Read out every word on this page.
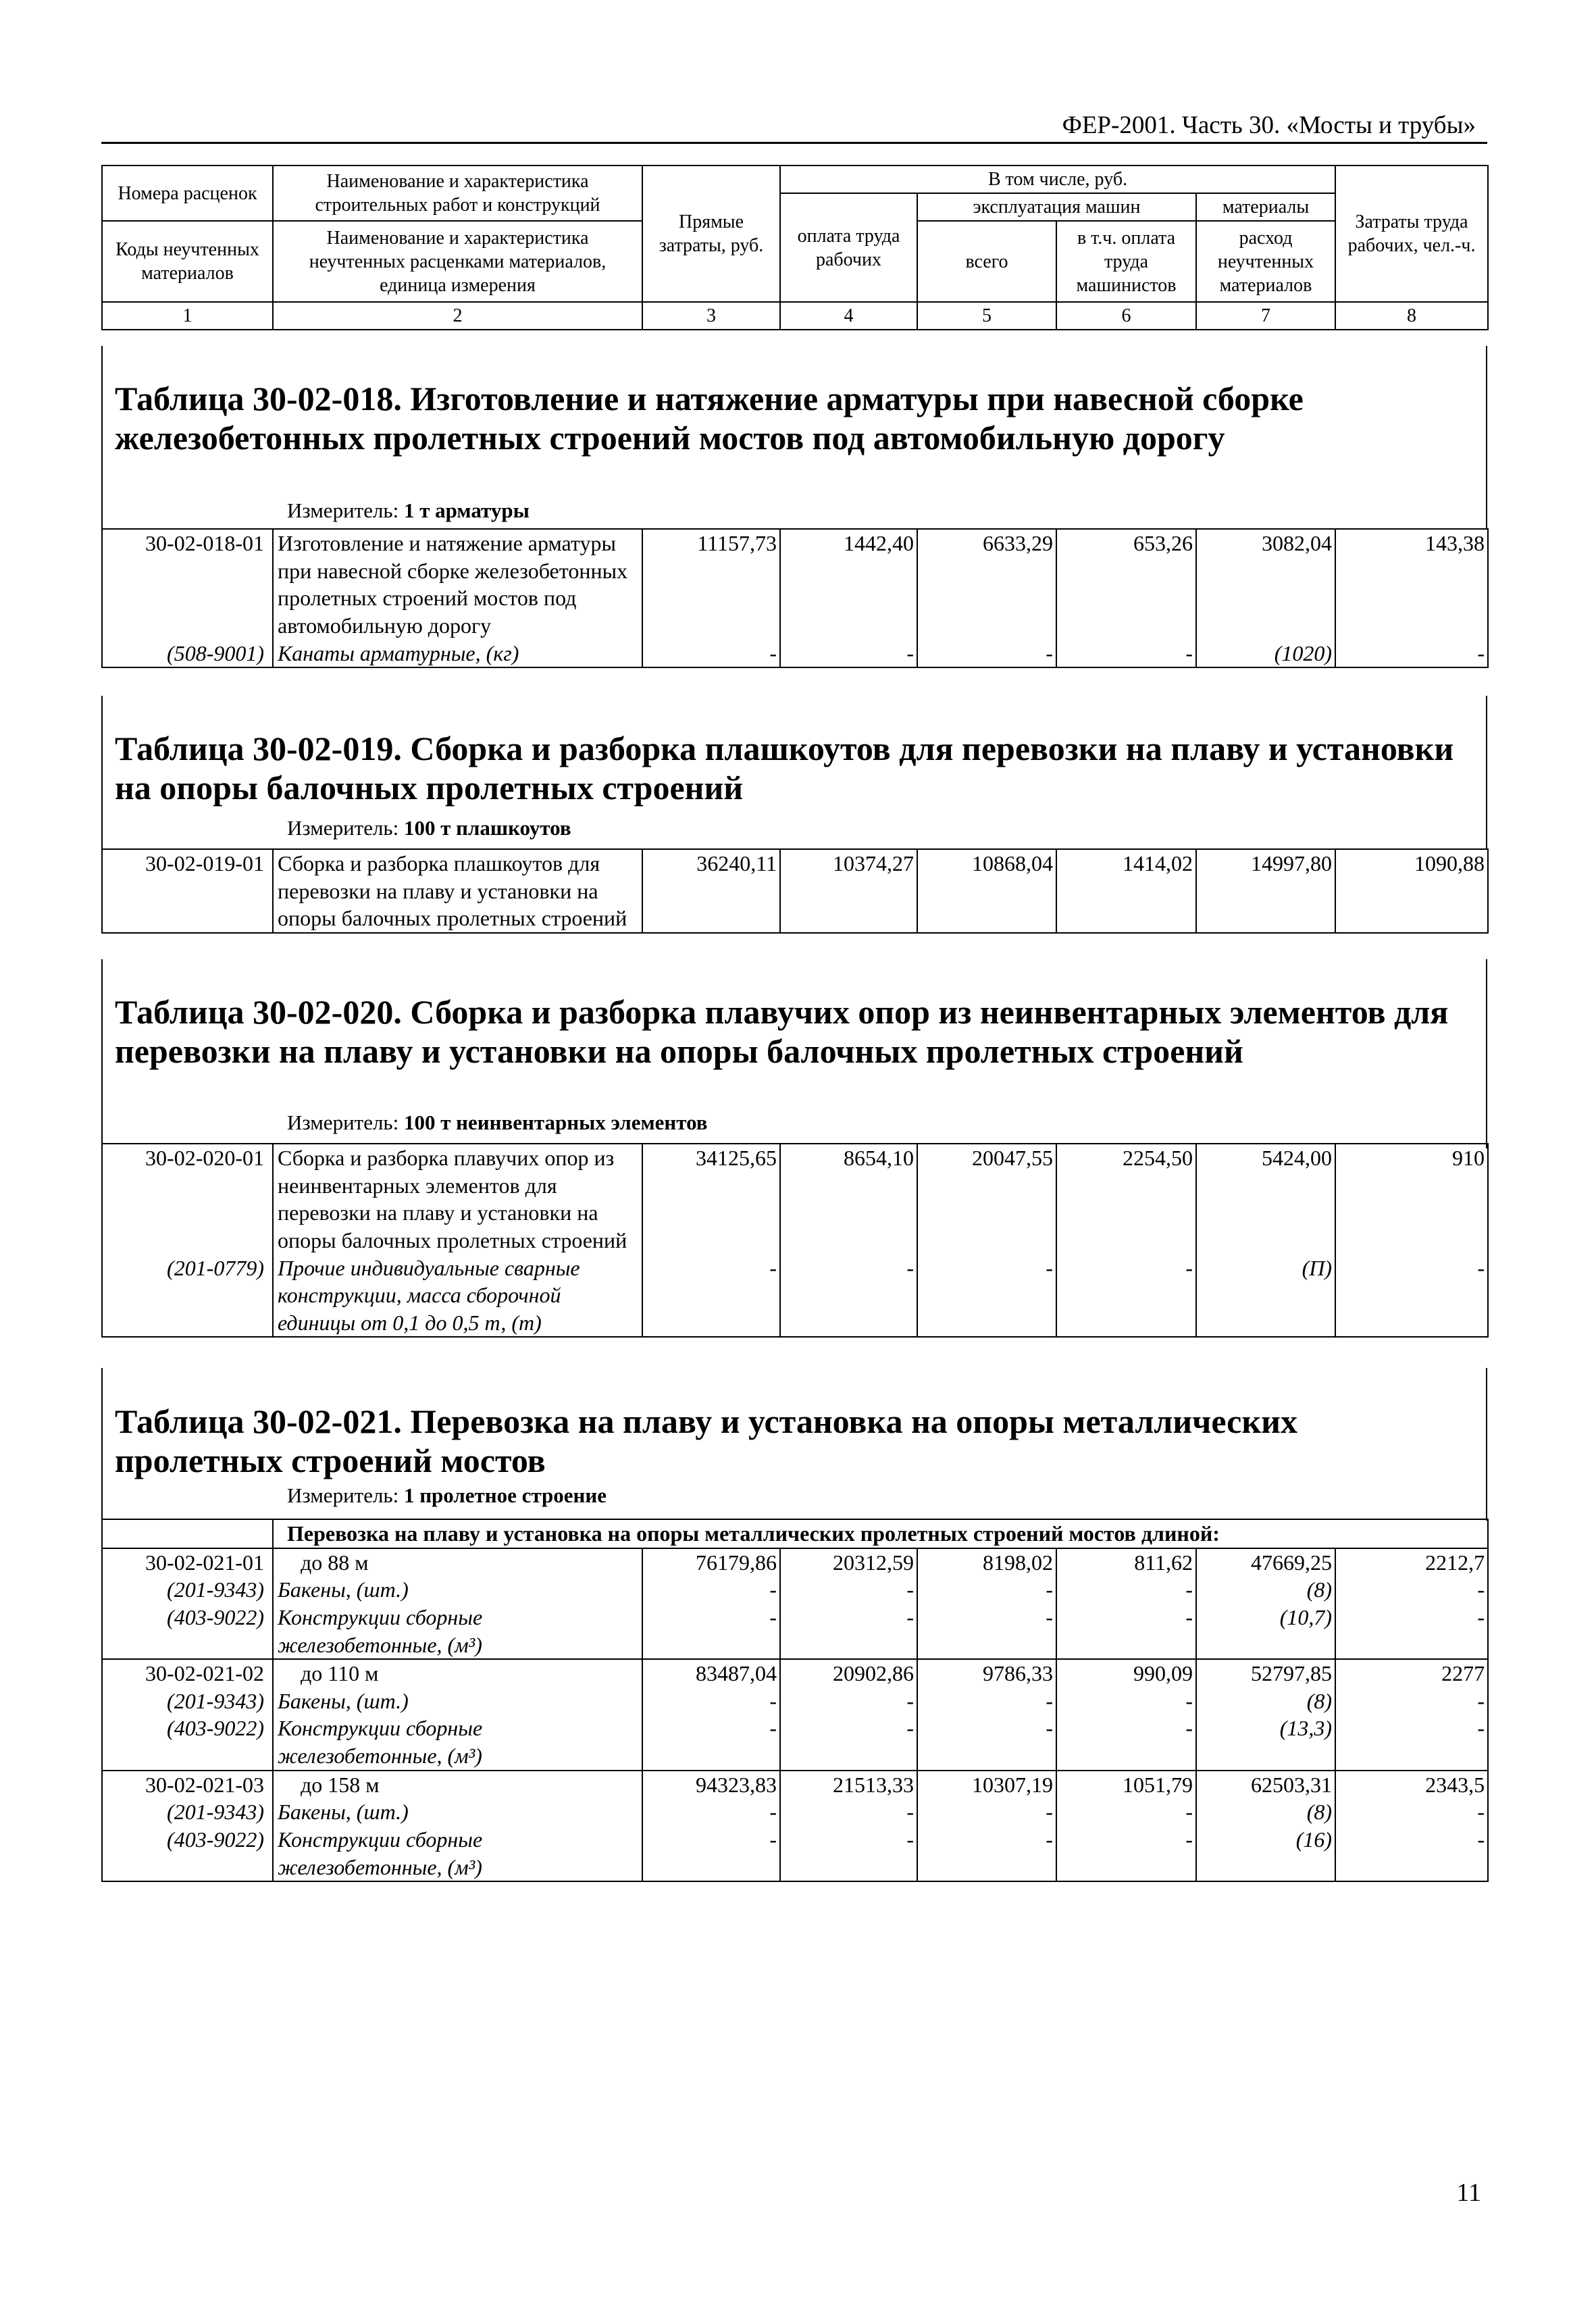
ФЕР-2001. Часть 30. «Мосты и трубы»
Номера расценок	Наименование и характеристика строительных работ и конструкций	Прямые затраты, руб.	В том числе, руб.				Затраты труда рабочих, чел.-ч.
			оплата труда рабочих	эксплуатация машин		материалы	
Коды неучтенных материалов	Наименование и характеристика неучтенных расценками материалов, единица измерения			всего	в т.ч. оплата труда машинистов	расход неучтенных материалов	

1	2	3	4	5	6	7	8
Таблица 30-02-018. Изготовление и натяжение арматуры при навесной сборке железобетонных пролетных строений мостов под автомобильную дорогу
Измеритель: 1 т арматуры
30-02-018-01	Изготовление и натяжение арматуры при навесной сборке железобетонных пролетных строений мостов под автомобильную дорогу	11157,73	1442,40	6633,29	653,26	3082,04	143,38
(508-9001)	Канаты арматурные, (кг)	-	-	-	-	(1020)	-
Таблица 30-02-019. Сборка и разборка плашкоутов для перевозки на плаву и установки на опоры балочных пролетных строений
Измеритель: 100 т плашкоутов
30-02-019-01	Сборка и разборка плашкоутов для перевозки на плаву и установки на опоры балочных пролетных строений	36240,11	10374,27	10868,04	1414,02	14997,80	1090,88
Таблица 30-02-020. Сборка и разборка плавучих опор из неинвентарных элементов для перевозки на плаву и установки на опоры балочных пролетных строений
Измеритель: 100 т неинвентарных элементов
30-02-020-01	Сборка и разборка плавучих опор из неинвентарных элементов для перевозки на плаву и установки на опоры балочных пролетных строений	34125,65	8654,10	20047,55	2254,50	5424,00	910
(201-0779)	Прочие индивидуальные сварные конструкции, масса сборочной единицы от 0,1 до 0,5 т, (т)	-	-	-	-	(П)	-
Таблица 30-02-021. Перевозка на плаву и установка на опоры металлических пролетных строений мостов
Измеритель: 1 пролетное строение
	Перевозка на плаву и установка на опоры металлических пролетных строений мостов длиной:						
30-02-021-01	до 88 м	76179,86	20312,59	8198,02	811,62	47669,25	2212,7
(201-9343)	Бакены, (шт.)	-	-	-	-	(8)	-
(403-9022)	Конструкции сборные железобетонные, (м³)	-	-	-	-	(10,7)	-
30-02-021-02	до 110 м	83487,04	20902,86	9786,33	990,09	52797,85	2277
(201-9343)	Бакены, (шт.)	-	-	-	-	(8)	-
(403-9022)	Конструкции сборные железобетонные, (м³)	-	-	-	-	(13,3)	-
30-02-021-03	до 158 м	94323,83	21513,33	10307,19	1051,79	62503,31	2343,5
(201-9343)	Бакены, (шт.)	-	-	-	-	(8)	-
(403-9022)	Конструкции сборные железобетонные, (м³)	-	-	-	-	(16)	-
11
